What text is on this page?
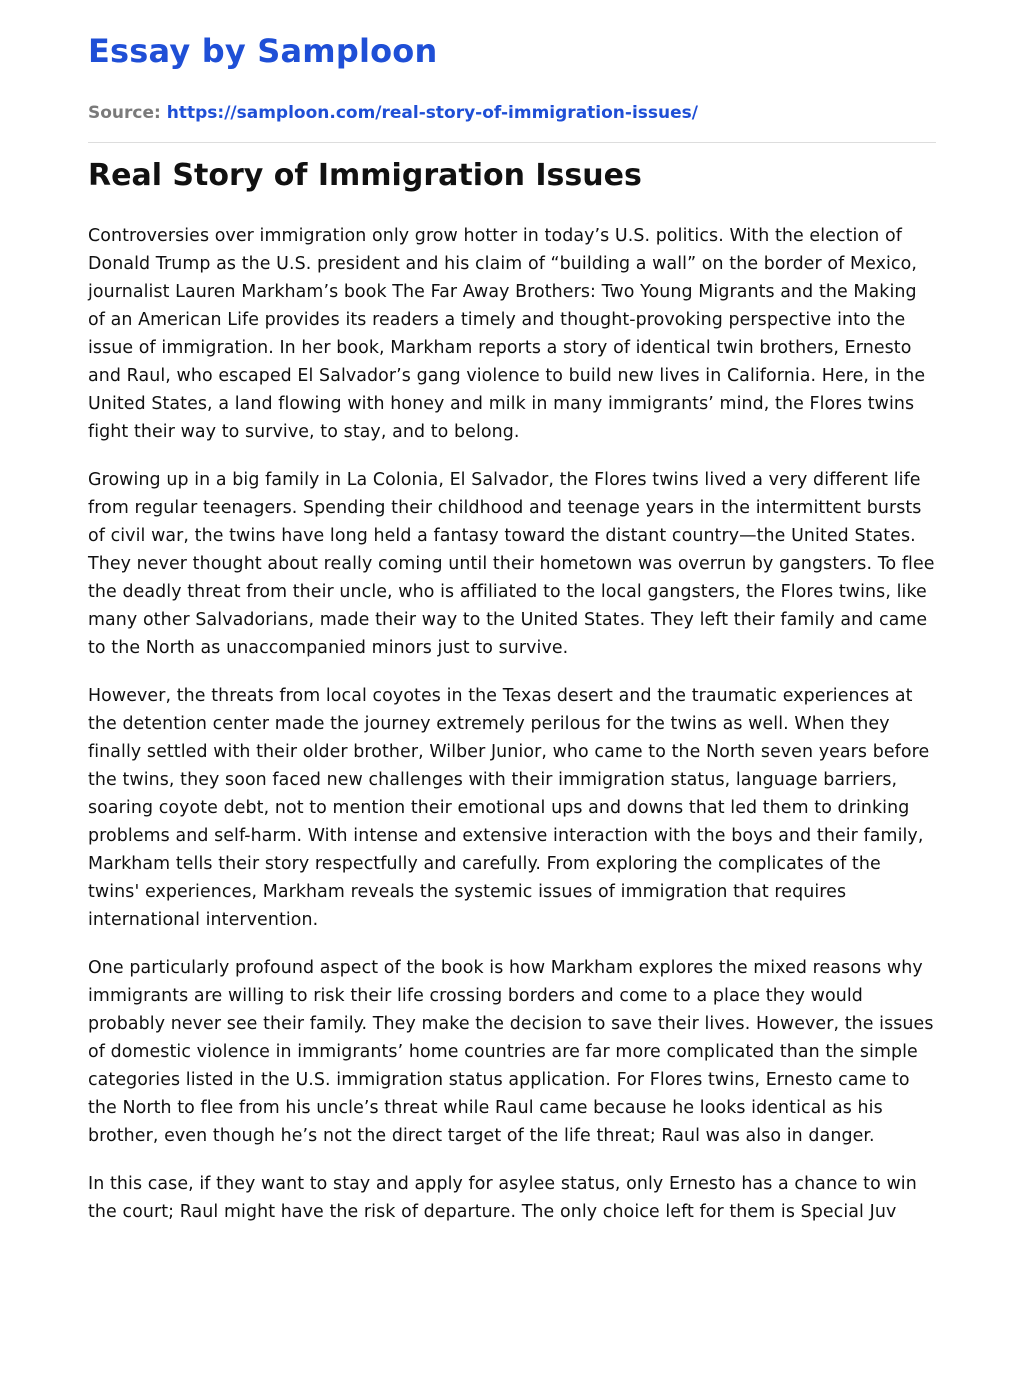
Essay by Samploon
Source: https://samploon.com/real-story-of-immigration-issues/
Real Story of Immigration Issues

Controversies over immigration only grow hotter in today’s U.S. politics. With the election of Donald Trump as the U.S. president and his claim of “building a wall” on the border of Mexico, journalist Lauren Markham’s book The Far Away Brothers: Two Young Migrants and the Making of an American Life provides its readers a timely and thought-provoking perspective into the issue of immigration. In her book, Markham reports a story of identical twin brothers, Ernesto and Raul, who escaped El Salvador’s gang violence to build new lives in California. Here, in the United States, a land flowing with honey and milk in many immigrants’ mind, the Flores twins fight their way to survive, to stay, and to belong.

Growing up in a big family in La Colonia, El Salvador, the Flores twins lived a very different life from regular teenagers. Spending their childhood and teenage years in the intermittent bursts of civil war, the twins have long held a fantasy toward the distant country—the United States. They never thought about really coming until their hometown was overrun by gangsters. To flee the deadly threat from their uncle, who is affiliated to the local gangsters, the Flores twins, like many other Salvadorians, made their way to the United States. They left their family and came to the North as unaccompanied minors just to survive.

However, the threats from local coyotes in the Texas desert and the traumatic experiences at the detention center made the journey extremely perilous for the twins as well. When they finally settled with their older brother, Wilber Junior, who came to the North seven years before the twins, they soon faced new challenges with their immigration status, language barriers, soaring coyote debt, not to mention their emotional ups and downs that led them to drinking problems and self-harm. With intense and extensive interaction with the boys and their family, Markham tells their story respectfully and carefully. From exploring the complicates of the twins' experiences, Markham reveals the systemic issues of immigration that requires international intervention.

One particularly profound aspect of the book is how Markham explores the mixed reasons why immigrants are willing to risk their life crossing borders and come to a place they would probably never see their family. They make the decision to save their lives. However, the issues of domestic violence in immigrants’ home countries are far more complicated than the simple categories listed in the U.S. immigration status application. For Flores twins, Ernesto came to the North to flee from his uncle’s threat while Raul came because he looks identical as his brother, even though he’s not the direct target of the life threat; Raul was also in danger.

In this case, if they want to stay and apply for asylee status, only Ernesto has a chance to win the court; Raul might have the risk of departure. The only choice left for them is Special Juv
